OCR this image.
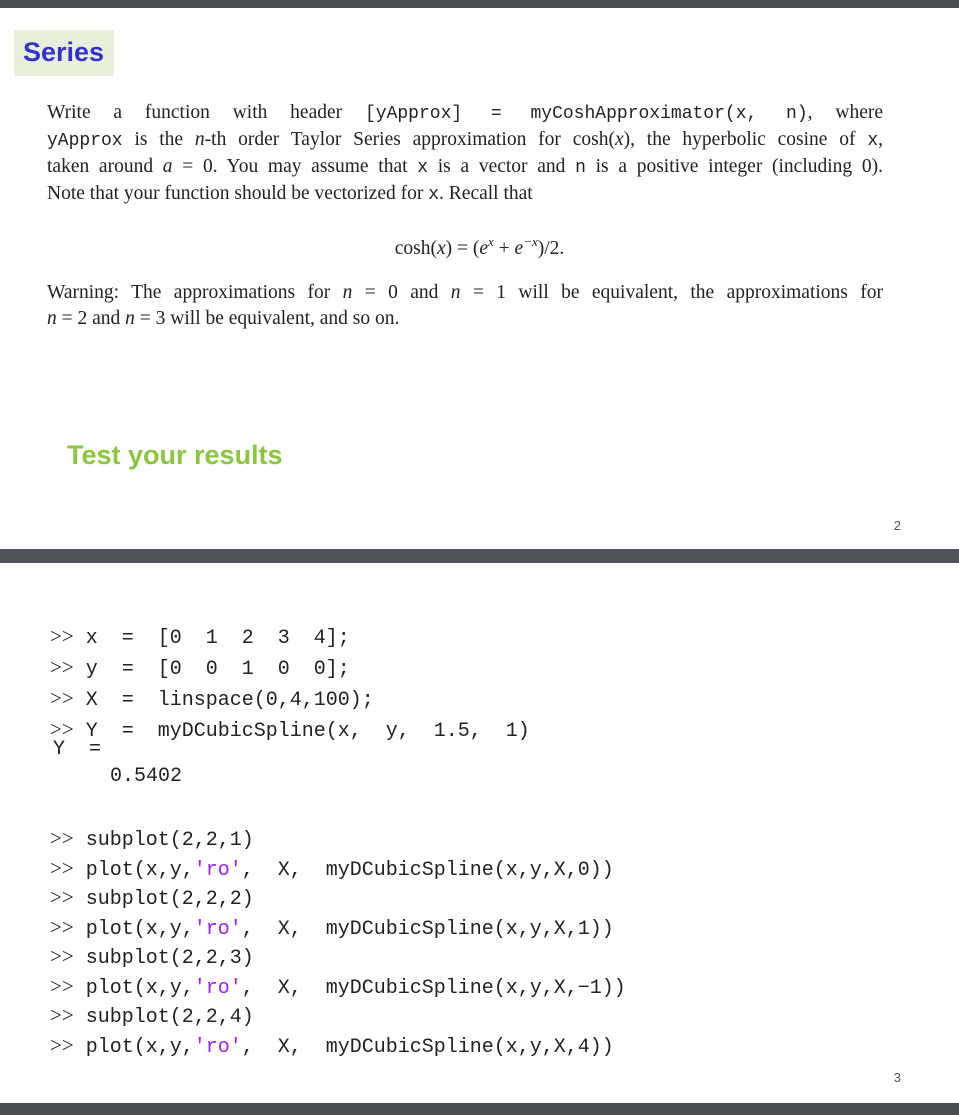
Series
Write a function with header [yApprox] = myCoshApproximator(x, n), where
yApprox is the n-th order Taylor Series approximation for cosh(x), the hyperbolic cosine of x,
taken around a = 0. You may assume that x is a vector and n is a positive integer (including 0).
Note that your function should be vectorized for x. Recall that
$\cosh(x) = (e^x + e^{-x})/2$.
Warning: The approximations for n = 0 and n = 1 will be equivalent, the approximations for
n = 2 and n = 3 will be equivalent, and so on.
Test your results
2
>> x  =  [0  1  2  3  4];
>> y  =  [0  0  1  0  0];
>> X  =  linspace(0,4,100);
>> Y  =  myDCubicSpline(x,  y,  1.5,  1)
Y  =
0.5402
>> subplot(2,2,1)
>> plot(x,y,'ro',  X,  myDCubicSpline(x,y,X,0))
>> subplot(2,2,2)
>> plot(x,y,'ro',  X,  myDCubicSpline(x,y,X,1))
>> subplot(2,2,3)
>> plot(x,y,'ro',  X,  myDCubicSpline(x,y,X,−1))
>> subplot(2,2,4)
>> plot(x,y,'ro',  X,  myDCubicSpline(x,y,X,4))
3
